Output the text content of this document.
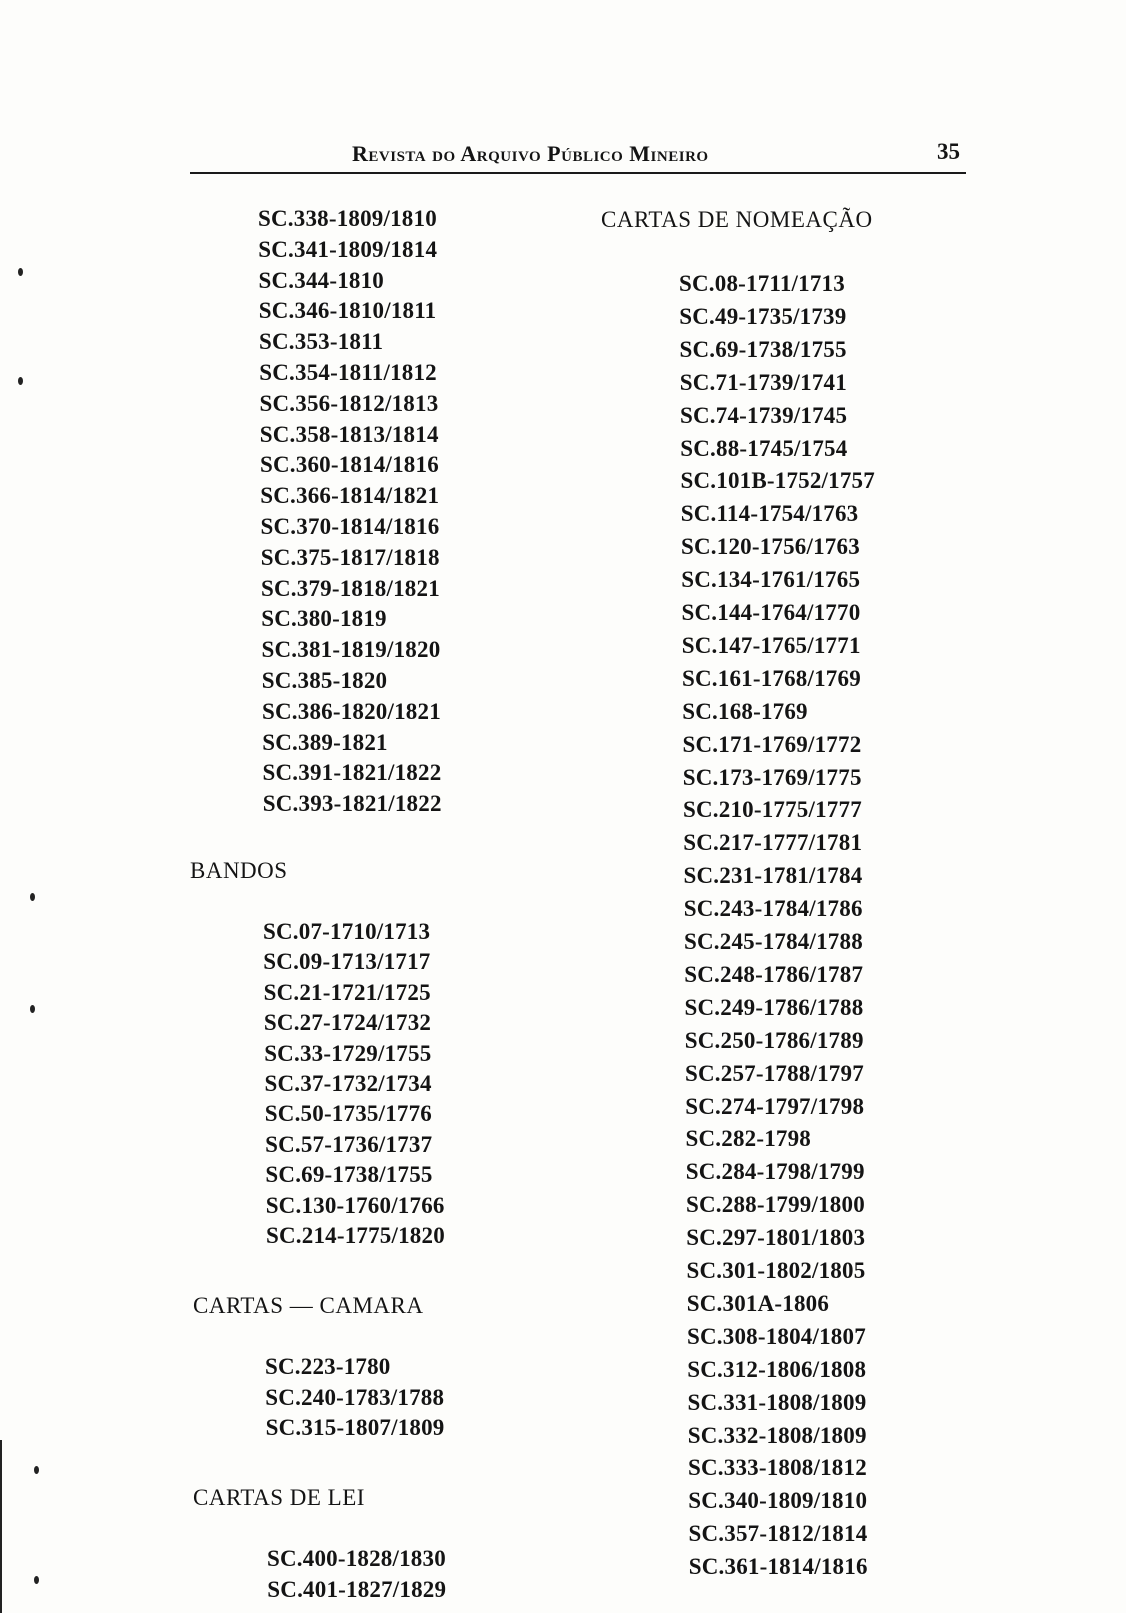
Revista do Arquivo Público Mineiro	35
SC.338-1809/1810
SC.341-1809/1814
SC.344-1810
SC.346-1810/1811
SC.353-1811
SC.354-1811/1812
SC.356-1812/1813
SC.358-1813/1814
SC.360-1814/1816
SC.366-1814/1821
SC.370-1814/1816
SC.375-1817/1818
SC.379-1818/1821
SC.380-1819
SC.381-1819/1820
SC.385-1820
SC.386-1820/1821
SC.389-1821
SC.391-1821/1822
SC.393-1821/1822
BANDOS
SC.07-1710/1713
SC.09-1713/1717
SC.21-1721/1725
SC.27-1724/1732
SC.33-1729/1755
SC.37-1732/1734
SC.50-1735/1776
SC.57-1736/1737
SC.69-1738/1755
SC.130-1760/1766
SC.214-1775/1820
CARTAS — CAMARA
SC.223-1780
SC.240-1783/1788
SC.315-1807/1809
CARTAS DE LEI
SC.400-1828/1830
SC.401-1827/1829
CARTAS DE NOMEAÇÃO
SC.08-1711/1713
SC.49-1735/1739
SC.69-1738/1755
SC.71-1739/1741
SC.74-1739/1745
SC.88-1745/1754
SC.101B-1752/1757
SC.114-1754/1763
SC.120-1756/1763
SC.134-1761/1765
SC.144-1764/1770
SC.147-1765/1771
SC.161-1768/1769
SC.168-1769
SC.171-1769/1772
SC.173-1769/1775
SC.210-1775/1777
SC.217-1777/1781
SC.231-1781/1784
SC.243-1784/1786
SC.245-1784/1788
SC.248-1786/1787
SC.249-1786/1788
SC.250-1786/1789
SC.257-1788/1797
SC.274-1797/1798
SC.282-1798
SC.284-1798/1799
SC.288-1799/1800
SC.297-1801/1803
SC.301-1802/1805
SC.301A-1806
SC.308-1804/1807
SC.312-1806/1808
SC.331-1808/1809
SC.332-1808/1809
SC.333-1808/1812
SC.340-1809/1810
SC.357-1812/1814
SC.361-1814/1816
